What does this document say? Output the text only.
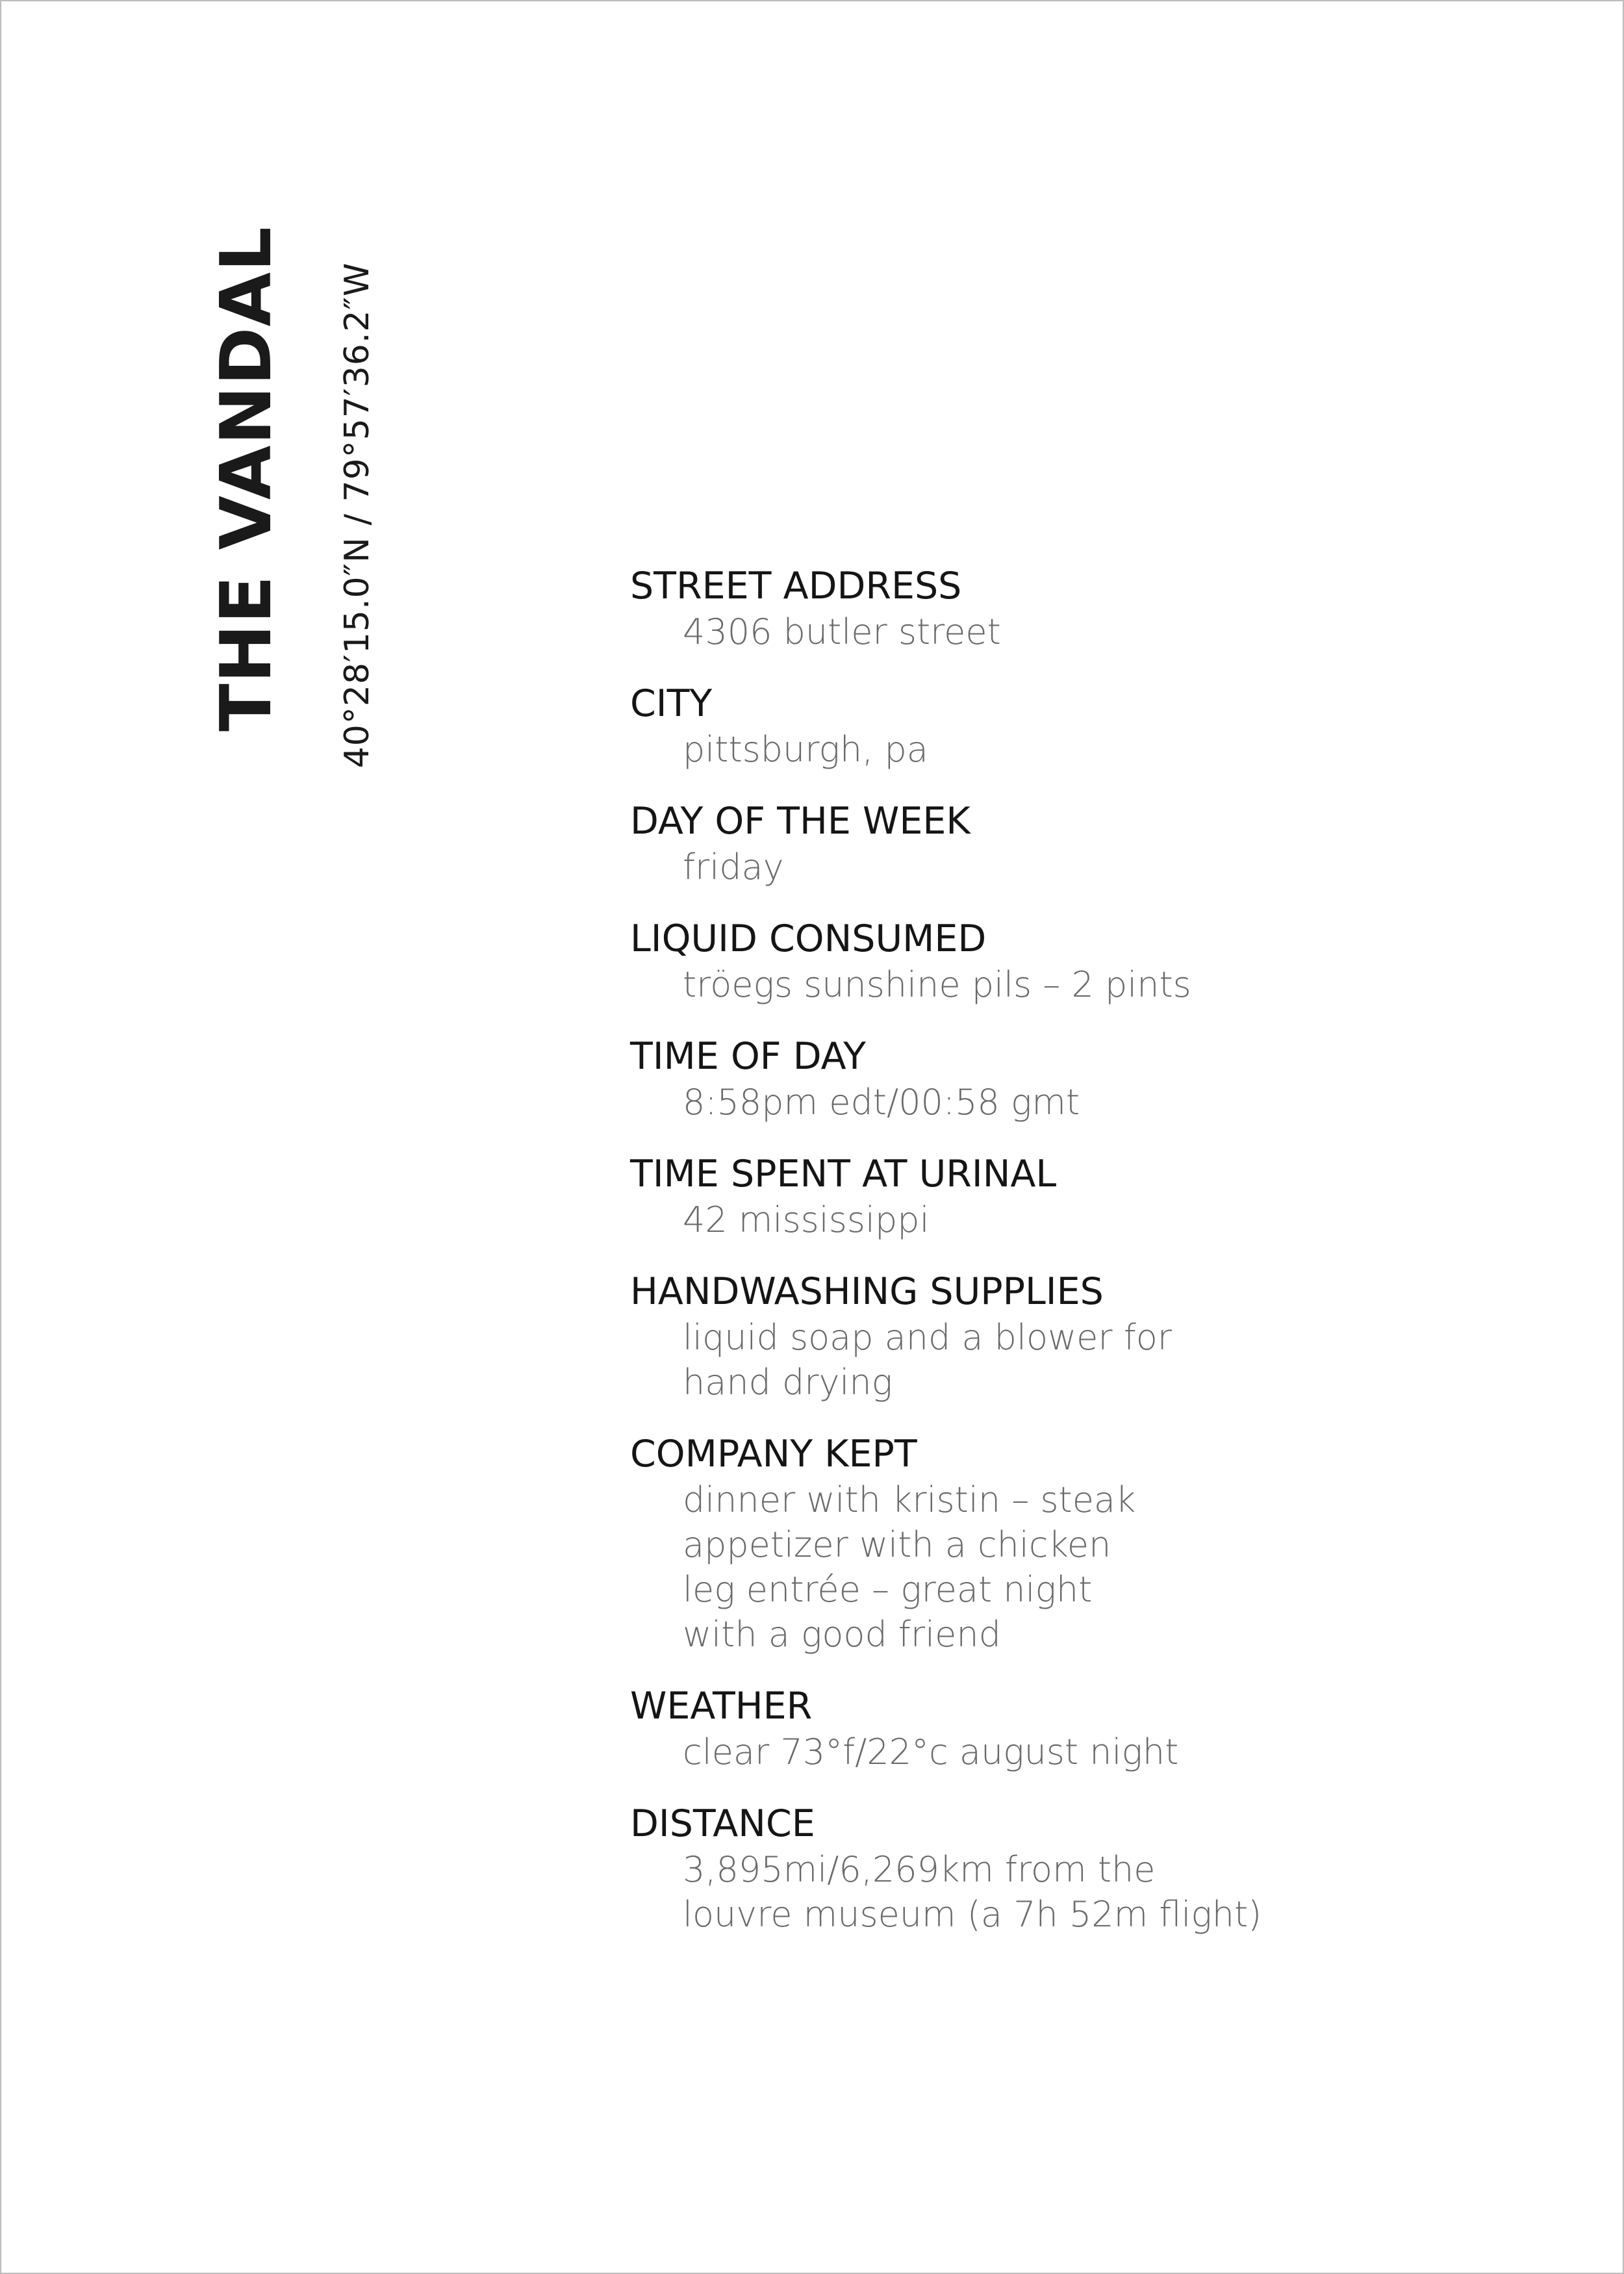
THE VANDAL 40°28′15.0″N / 79°57′36.2″W	STREET ADDRESS
4306 butler street
CITY
pittsburgh, pa
DAY OF THE WEEK
friday
LIQUID CONSUMED
tröegs sunshine pils – 2 pints
TIME OF DAY
8:58pm edt/00:58 gmt
TIME SPENT AT URINAL
42 mississippi
HANDWASHING SUPPLIES
liquid soap and a blower for
hand drying
COMPANY KEPT
dinner with kristin – steak
appetizer with a chicken
leg entrée – great night
with a good friend
WEATHER
clear 73°f/22°c august night
DISTANCE
3,895mi/6,269km from the
louvre museum (a 7h 52m flight)
